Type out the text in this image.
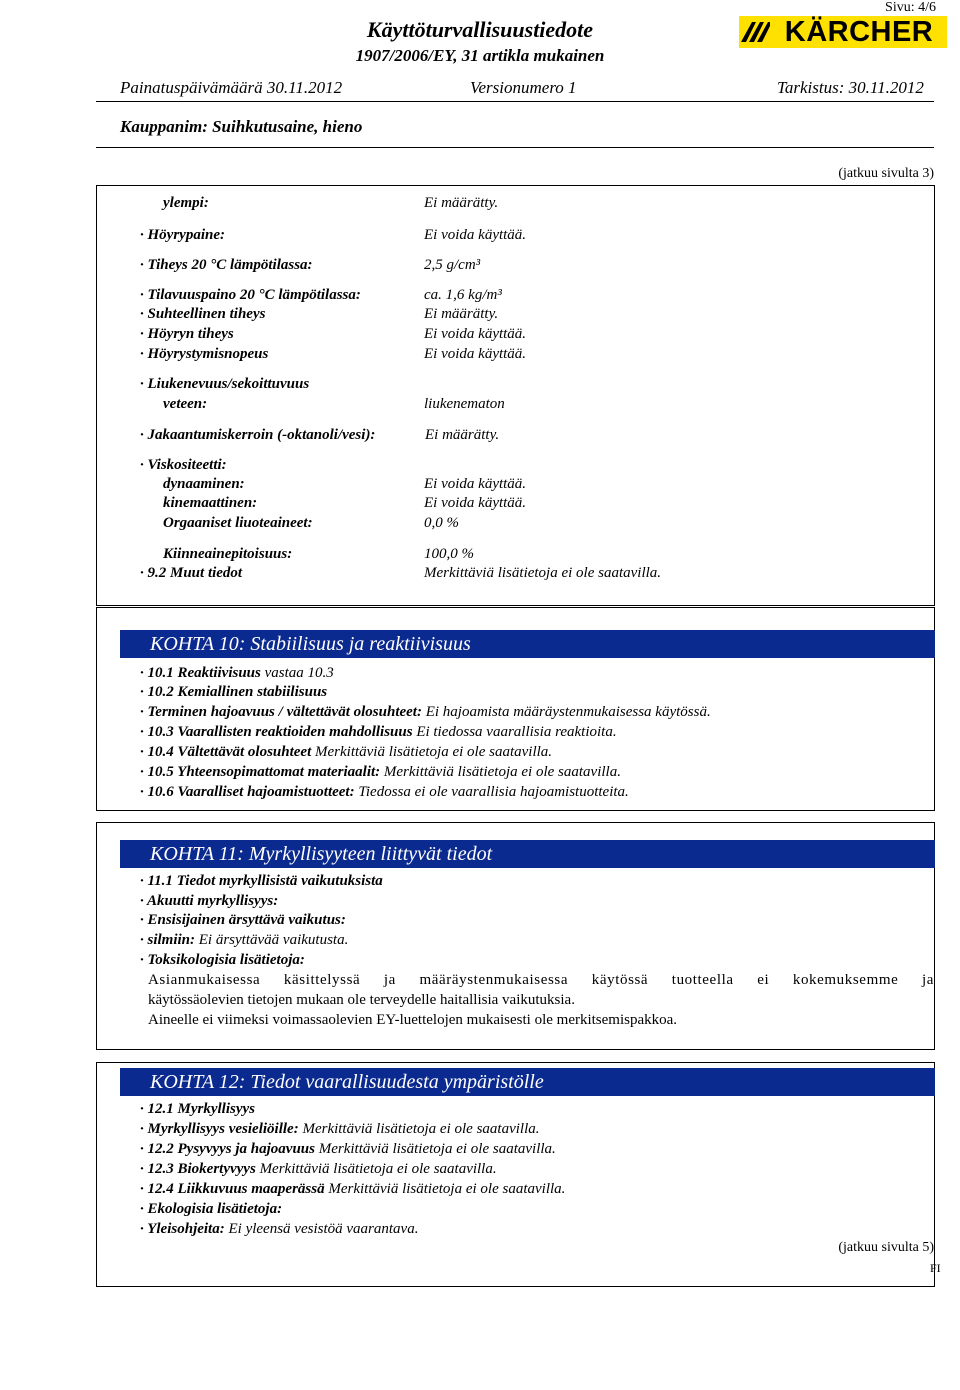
Sivu: 4/6
Käyttöturvallisuustiedote
1907/2006/EY, 31 artikla mukainen
KÄRCHER
Painatuspäivämäärä 30.11.2012	Versionumero 1	Tarkistus: 30.11.2012
Kauppanim: Suihkutusaine, hieno
(jatkuu sivulta 3)
ylempi:	Ei määrätty.
· Höyrypaine:	Ei voida käyttää.
· Tiheys 20 °C lämpötilassa:	2,5 g/cm³
· Tilavuuspaino 20 °C lämpötilassa:	ca. 1,6 kg/m³
· Suhteellinen tiheys	Ei määrätty.
· Höyryn tiheys	Ei voida käyttää.
· Höyrystymisnopeus	Ei voida käyttää.
· Liukenevuus/sekoittuvuus
veteen:	liukenematon
· Jakaantumiskerroin (-oktanoli/vesi):	Ei määrätty.
· Viskositeetti:
dynaaminen:	Ei voida käyttää.
kinemaattinen:	Ei voida käyttää.
Orgaaniset liuoteaineet:	0,0 %
Kiinneainepitoisuus:	100,0 %
· 9.2 Muut tiedot	Merkittäviä lisätietoja ei ole saatavilla.
KOHTA 10: Stabiilisuus ja reaktiivisuus
· 10.1 Reaktiivisuus vastaa 10.3
· 10.2 Kemiallinen stabiilisuus
· Terminen hajoavuus / vältettävät olosuhteet: Ei hajoamista määräystenmukaisessa käytössä.
· 10.3 Vaarallisten reaktioiden mahdollisuus Ei tiedossa vaarallisia reaktioita.
· 10.4 Vältettävät olosuhteet Merkittäviä lisätietoja ei ole saatavilla.
· 10.5 Yhteensopimattomat materiaalit: Merkittäviä lisätietoja ei ole saatavilla.
· 10.6 Vaaralliset hajoamistuotteet: Tiedossa ei ole vaarallisia hajoamistuotteita.
KOHTA 11: Myrkyllisyyteen liittyvät tiedot
· 11.1 Tiedot myrkyllisistä vaikutuksista
· Akuutti myrkyllisyys:
· Ensisijainen ärsyttävä vaikutus:
· silmiin: Ei ärsyttävää vaikutusta.
· Toksikologisia lisätietoja:
Asianmukaisessa käsittelyssä ja määräystenmukaisessa käytössä tuotteella ei kokemuksemme ja
käytössäolevien tietojen mukaan ole terveydelle haitallisia vaikutuksia.
Aineelle ei viimeksi voimassaolevien EY-luettelojen mukaisesti ole merkitsemispakkoa.
KOHTA 12: Tiedot vaarallisuudesta ympäristölle
· 12.1 Myrkyllisyys
· Myrkyllisyys vesieliöille: Merkittäviä lisätietoja ei ole saatavilla.
· 12.2 Pysyvyys ja hajoavuus Merkittäviä lisätietoja ei ole saatavilla.
· 12.3 Biokertyvyys Merkittäviä lisätietoja ei ole saatavilla.
· 12.4 Liikkuvuus maaperässä Merkittäviä lisätietoja ei ole saatavilla.
· Ekologisia lisätietoja:
· Yleisohjeita: Ei yleensä vesistöä vaarantava.
(jatkuu sivulta 5)
FI
